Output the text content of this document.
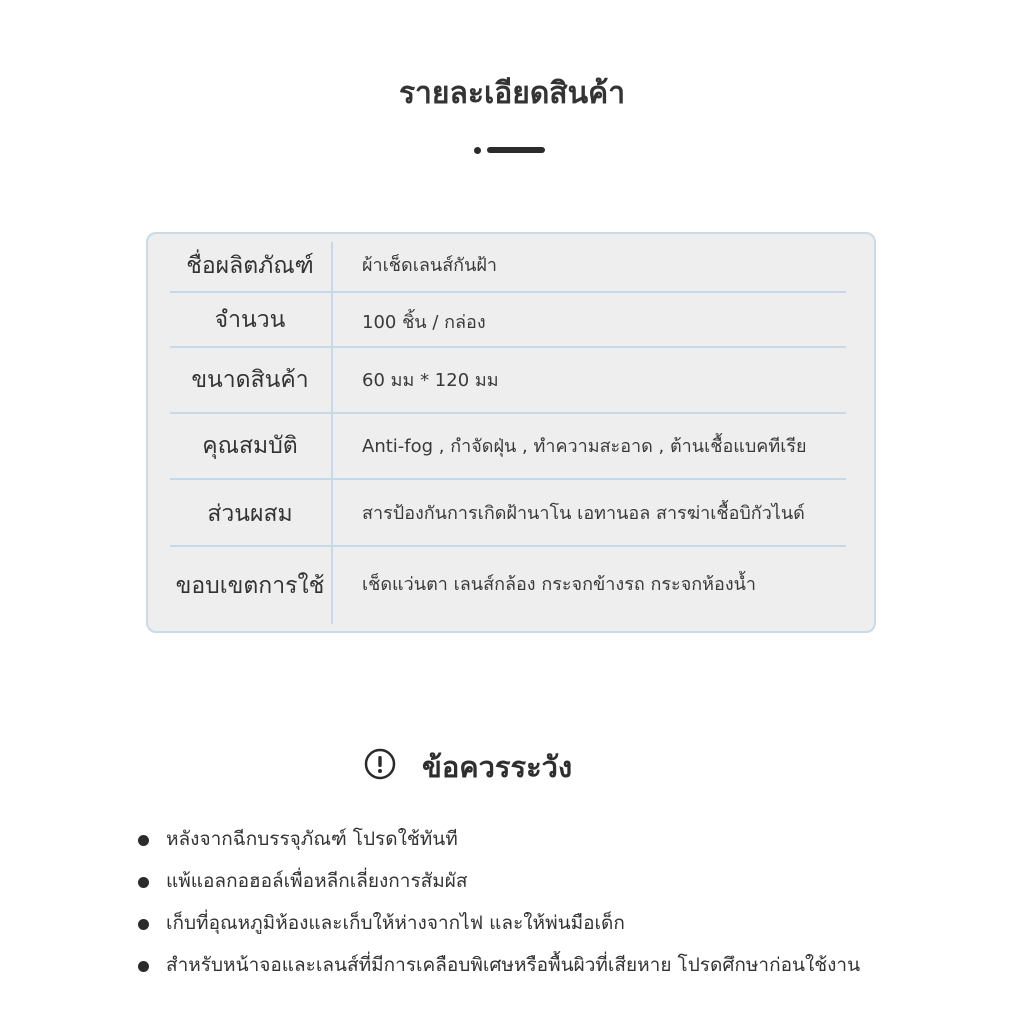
รายละเอียดสินค้า
ชื่อผลิตภัณฑ์	ผ้าเช็ดเลนส์กันฝ้า
จำนวน	100 ชิ้น / กล่อง
ขนาดสินค้า	60 มม * 120 มม
คุณสมบัติ	Anti-fog , กำจัดฝุ่น , ทำความสะอาด , ต้านเชื้อแบคทีเรีย
ส่วนผสม	สารป้องกันการเกิดฝ้านาโน เอทานอล สารฆ่าเชื้อบิกัวไนด์
ขอบเขตการใช้	เช็ดแว่นตา เลนส์กล้อง กระจกข้างรถ กระจกห้องน้ำ
ข้อควรระวัง
หลังจากฉีกบรรจุภัณฑ์ โปรดใช้ทันที
แพ้แอลกอฮอล์เพื่อหลีกเลี่ยงการสัมผัส
เก็บที่อุณหภูมิห้องและเก็บให้ห่างจากไฟ และให้พ่นมือเด็ก
สำหรับหน้าจอและเลนส์ที่มีการเคลือบพิเศษหรือพื้นผิวที่เสียหาย โปรดศึกษาก่อนใช้งาน
